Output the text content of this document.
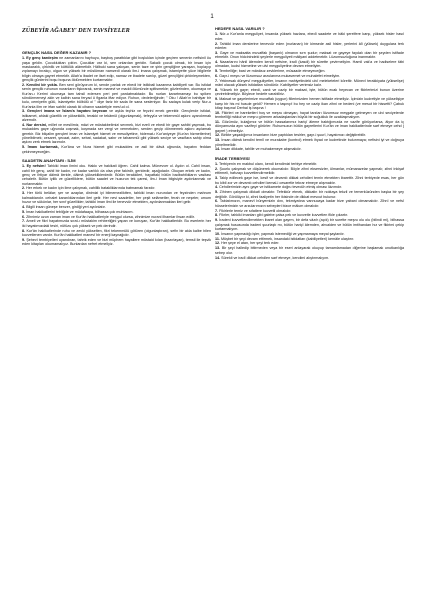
1
ZÜBEYİR AĞABEY' DEN TAVSİYELER
GENÇLİK NASIL DEĞER KAZANIR ?

1. Ey genç kardeşim ne zamanlarını hayhuyu, başboş yarattıklar gibi boşlukları içinde geçiren senenin nefisinil öu yaşa geldin. Çocukluktan çıktın. Çocuklar var ki, sen onlardan geridin. Sakallı çocuk olmak, bir insan için maskaralık, çirkinlik ve küttülük alâmetidir. Hâlbuki sana yakışan, senin taze ve şirin gençliğine yaraşan, hoplayıp zıplamayı bırakıp, olgun ve yüksek bir müslüman namzedi olarak ilm-i imana çalışmak, istamiyette yüce bilgilerle bilgin olmaya gayret etmektir. Allah'a ibadet ve ilset edip, namaz ve ibadete sarılıp, güzel gençliğini çirkinleşmekten, gençlik günlerini boşu boşuna öldürmekten kurtarmaktır.

2. Kendini bir yokla. Ben seni görüyorum ki, sende parlak ve ebedi bir istikbali kazanma kabiliyeti var. Bu istidat senin gençlik ruhunun nuranların fişkırarak, senin manevi ve maddi ölümünde spitismekle; gözlerinden, okumaya ve Kur'an-ı Kerimi okumaya tam tahsil edersen peri peri pardatmaktadır. Bu nurları karartmamayı bu spiken söndürmemeyi akln ve kalbin sana feryad ü figanla iftar ediyor. Ruhun, dedeleriğinde; " Oku ! Allah'ın bahtiyar bir kulu, cemiyetin gülü, İslamiyetin bülbülü ol " diye fariz bir sada ile sana sesleniyor. Bu sadaya kulak verip Nur-u Kur'ania ilim ve irfan sahibi olarak iki cihanın saadetiyle mes'ud ol.

3. Gençleri imana ve İslam'a hayatını beyecan ve aşkla teçhiz ve feyzini emek gerektir. Gençlerde istidat, istikamet, ahlaki güzellik ve yüksekklik, terakki ve tekâmül (olgunlaşmak), tefeyyüz ve tekemmül aşkını uyandırmak alzemdir.

4. Nur dersini, millet ve mesliimiz, mâzi ve müstakbelimizi sevmek, bizi ezeli ve ebedi bir gaye sahibi yapmak, bu mukaddes gaye uğrunda coşmak, koşmada ser vergi ve vermekden, serden geçip dönmemek aşkını aşılamak gerekir. Biz bilçalim gençleri iman ve İslamiyet hizmet ve mesuliyetine, hidemat-ı Kur'aniyeye (Kur'an hizmetlerine) yönelbilmek; cesaret, şecaat, azim, sebat, sadakat, sabır ve tahammül gibi yüksek seciye ve vasıflara sahip olma aşkını zerk etmek lazımdır.

5. İmanı kurtarmak, Kur'âna ve Nura hizmet gibi mukaddes ve asil bir dâvâ uğrunda, hayatını feddan çekinmeyeceğim.

SAADETİN ANAHTARI : İLİM

1. Ey nefsim! Tahkiki iman ilmini oku. Hakkı ve hakikati öğren. Cahil kalma. Münevver ol. Aydın ol. Cahil insan, cahil bir genç, cahil bir kadın, ne kadar varlıklı da olsa yine fakirdir, geridedir, aşağıdadır. Okuyan erkek ve kadın, genç ve ihtiyar dâimâ ileride, dâimâ yüksekliklerdedir. Bütün terakkileri, hayattaki bütün badbahtlıkların vasitası cehaletir. Bütün iyilik ve güzelliklere, bütün saadet ve huzurun tek çaresi, ilm-i İman bilgisiyle aydınlanmak ve nurlanmaktır.

2. Her erkek ve kadın için ilme çalışmak, cahillik batakliklarında batmamak farzdır.

3. Her türlü belâlar; şer ve azaplar, dinimizi iyi bilmemezliktten, tahkiki iman nurundan ve feyzinden mahrum kalmaktandır. cehalet karanlıklarından ileri gelir. Her nevi saadetler, her çeşit selâmetler, ferah ve neşeler, umum huzur ve sükûnlar, her sınıf güzellikler, tahkiki iman ilmi ile tenevvür etmekten, aydınlanmaktan ileri gelir.

4. Bilgili insan güneşe benzer, girdiği yeri aydınlatır.

5. İman hakikatlerini tebliğde ve müdafaaya, bilhassa çok muhtacım.

6. Zihnimiz uzun zaman iman ve Kur'ân hakikatleriyle meşgul olursa, zihnimize nurani ilhamlar ihsan edilir.

7. Ameli ve fikri hayatımızda sırat-ı müstakim rehberliğini yapan ve koruyan, Kur'ân hakikatleridir. Bu eserlerin her iki hayatımızdaki tesiri, nüfûzu çok yüksek ve pek derindir.

8. Kur'ân hakikatlerinde ruhu ve zevki yükselten, fikri tekemmülü götüren (olgunlaştıran), sefin bir akla kalbe bilen kuvvetlenen vardır. Kur'ân hakikatleri manevî bir enerji kaynağıdır.

9. Şehevî tembiyelleri uyandıran, tahrik eden ve bizi müphem hayallere müstaid kılan (hazırlayan), temsil ile teşvik eden kitapları okumamalıyız. Bunlardan nefret etmeliyiz.

HEDEFE NASIL VARILIR ?

1. Nûr-u Kur'anla meşguliyet, insanda yüksek hazlara, ebedî saadete ve bâki şerelfere karşı, yüksek hisler hasıl eder.

2. Tahkiki iman derslerine tenevvür eden (nurlanan) bir kimsede asil hisler, yerlerini âlî (yüksek) duygulara terk ederler.

3. Gaye ve maksatta muvaffak (başarılı) olmanın sırrı şudur; maksat ve gayeye faydalı olan bir şeyden istifade etmektir. Onun hidcinindeki şeylerle meşguliyeti mâliyani addetmektir. Lüzumsuzluğuna inanmaktır.

4. Nazarlarını hânil âlemden kendi nefsine, iradî (kasdi) bir sûrette çevirmeliyim. Hamil vak'a ve hadiselere tâbi olmadan, kudsi hizmetine ve ulvi meşguliyetine devam etmeliyim.

5. Tembelliğe; bast ve mânâsız zevklerime, mûsaade etmeyeceğim.

6. Gayr-i meşru ve lüzumsuz arzularıma mukavemet ve muhalefet etmeliyim.

7. Yekinesak dünyevî meşguliyetler, insanın mahiyetindeki ulvî meleketeleri köreltir. Münevî terakkiyata (yükselişe) mâni olacak yüksek istidatları söndürür. Kabiliyetler verimsiz kalır.

8. Yüksek bir gaye; ebedi, canlı ve cazip bir maksat, işte, bütün ecak heyecan ve fikirlerimizi bunun üzerine çevirebilmeliyiz. Böylece hedefe varabiliriz.

9. Maksat ve gayelerimize muvaffak (uygun) fiilerimizden hemen istifade etmeliyiz. İçimizin kudretiyle ve yükselişiye karşı bir his mi husule geldi? Hemen o taşınıp! bu hey ve cazip ikan zihni ve bedeni (ve mesut bir hissetti? Çabuk kitap başına! Derhal iş başına !

10. Fikirleri ve hareketleri hoş ve meşru olmayan, hayat tarzları lüzumsuz meşgale gelmeyen ve ulvi seciyelerde tembelliği mâkul ve meşru görenen arkadaşlardan büyük bir soğukluk ile uzaklaşmalıyım.

11. Gözümüz, kulağımız ve bütün hassalarımız hariçî âleme baktığımızda ne vazife görüyorlarsa, âlyor da iç dünyamızda aynı vazifeyi görürler. Ruhumuzun bütün gayretlerini Kur'ân ve iman hakikatlerinde sarf etmeye cehd ( gayret ) etmeliyiz.

12. Birikte yaşadığımız insanların bize yaptıkları tesirler, gayr-i şuurî, hayatımızı değiştirebilir.

13. İnsan dâimâ kendini temîl ve murakabe (kontrol) etmek ihyad ve kudretinde bulunmaya; nefisini iyi ve doğruya yöneltmelidir.

14. İnsan dikkate, tahlile ve muhakemeye alışmalıdır.

İRADE TERBİYESİ

1. Terbiyenin en makbul olanı, kendi kendimizi terbiye etmektir.

2. Şuurlu çalışmak ve düşünerek okumalıdır. Böyle zihni eksersizler, ülmanlar, mümarazelar yapmalı; zihni inkişaf ettirmeli, hafızayı kuvvetlendirmelidir.

3. Takip edilecek gaye ise, kesif ve devamlı dikkat cehdleri temin etmekten ibarettir. Zihni terbiyede esas, her gün bu kibil zor ve devamlı cehdleri kemal-i cesaretle tekrar etmeye alışmaktır.

4. Cehdlerimizin aynı gaye ve istikamete doğru tevecüh etmiş olması lâzımdır.

5. Zihinen çalışmak dikkati olmaktır. Tefekkür etmek, dikkatin bir noktaya tekzil ve temerküzünden başka bir şey değildir. Görülüyor ki, zihni faaliyetin her ikisinde de dikkat mevcut bulunur.

6. Tabiatımızın, manevî bünyemizin dını, tekmiyatına vannucaya kadar bize yabani olmamalıdır. Zihnî ve nefsî hüsselerimizin ve arzularımızın sebepleri bizce mâlum olmalıdır.

7. Fikirlerle temiz ve sıfatlere kuvvetli olmalıdır.

8. Fikrler, tahkiki imanları gibi galebe çalsa pek ve kuvvetle kuvvetlen fikle çıkartır.

9. İradeni kuvvetlendirmekten ibaret olan gayrm, bir defa vâzıh (açık) bir surette meşru olu olu (bilindi mi), bilhassa çalışmak hususunda iradeni şuurlaştı mı, bütün hariçî âlemden, ahvalden ve bütün imtihandan hız ve fikirimi çekip kurtarmalıyım.

10. İnsanın yapmadığı işler, yapmak istemediği ve yapmamaya meyal şaylardır.

11. Müşbet bir şeyi devam ettirmek, insandaki istidatları (kabiliyetleri) kemâle ulaştırır.

12. Her şeye el atan, her şeyi terk eder.

13. Bir şeyi halledip bitirmeden veya bir eseri anlayarak okuyup tamamlamadan diğerine başlamak unutkanlığa sebep olur.

14. Sürekli ve iradî dikkat cehdlen sarf etmeye, kendimi alıştırmalıyım.
